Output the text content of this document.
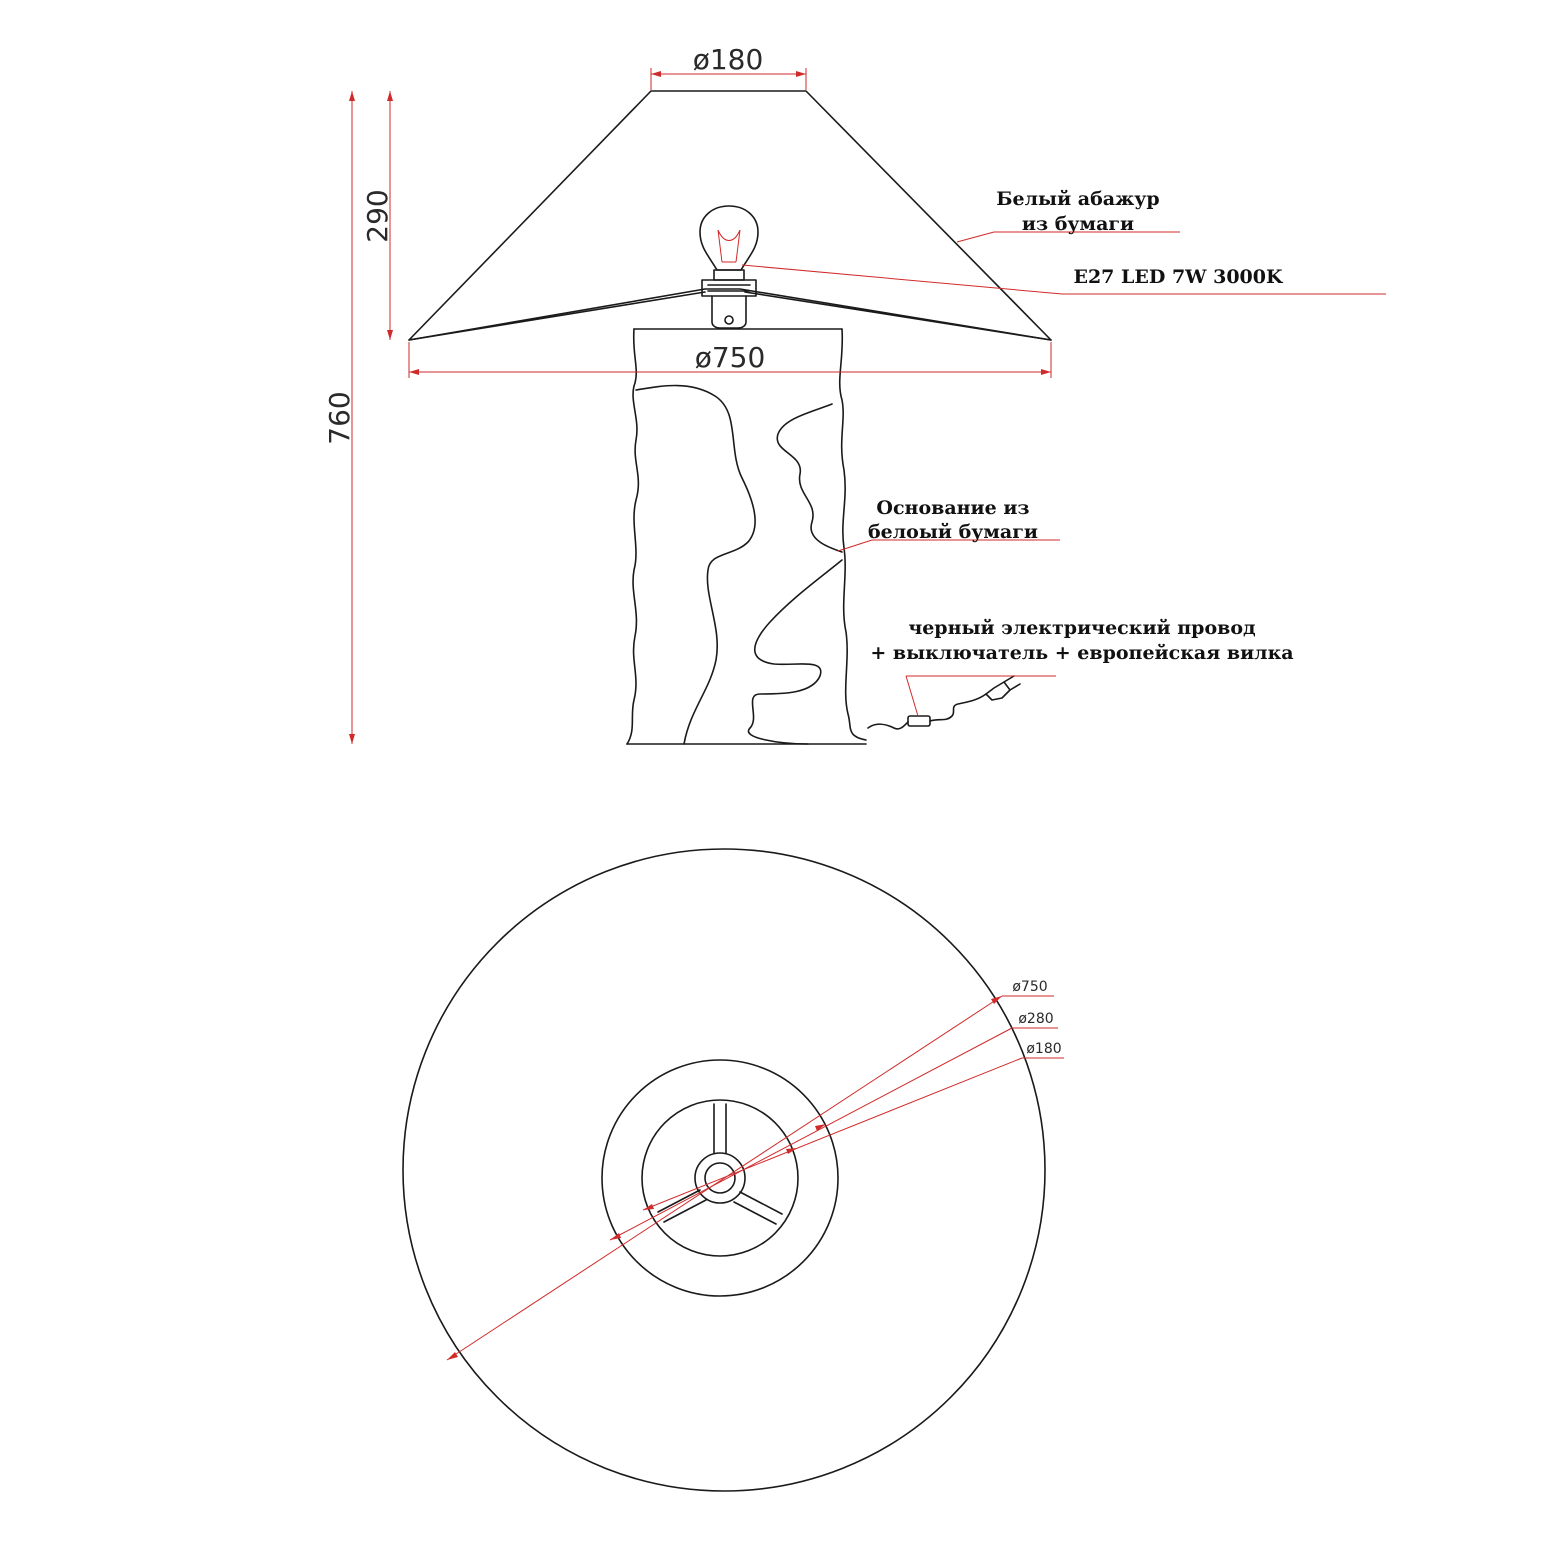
ø180
ø750
290
760
Белый абажур
из бумаги
E27 LED 7W 3000K
Основание из
белоый бумаги
черный электрический провод
+ выключатель + европейская вилка
ø750
ø280
ø180
